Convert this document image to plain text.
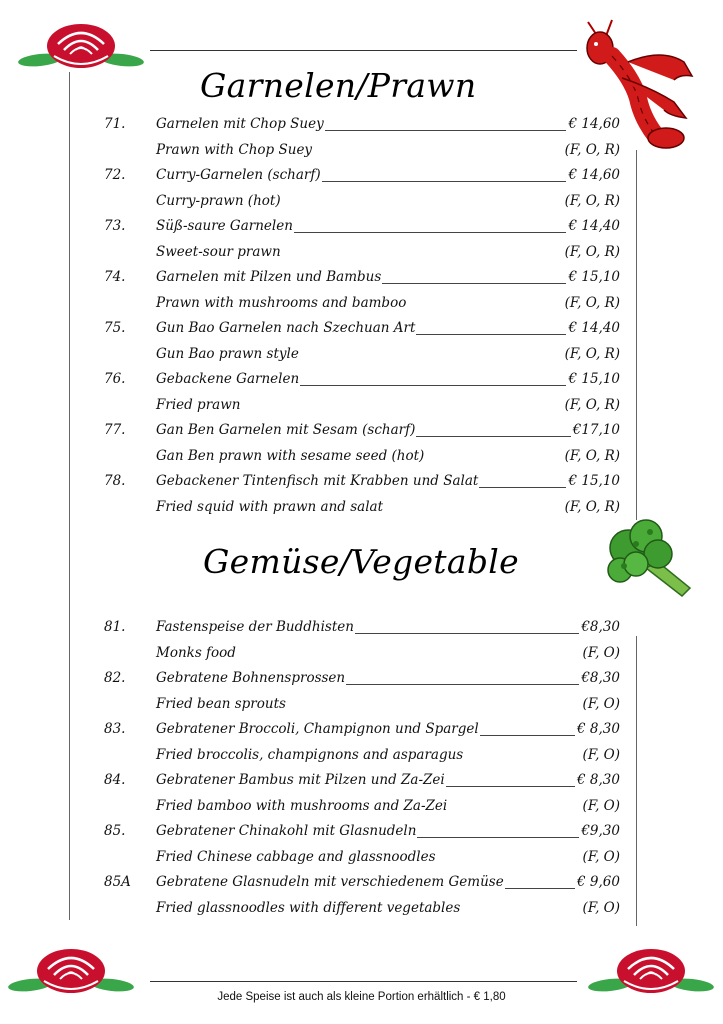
Garnelen/Prawn
Gemüse/Vegetable
71. Garnelen mit Chop Suey	€ 14,60
Prawn with Chop Suey	(F, O, R)
72. Curry-Garnelen (scharf)	€ 14,60
Curry-prawn (hot)	(F, O, R)
73. Süß-saure Garnelen	€ 14,40
Sweet-sour prawn	(F, O, R)
74. Garnelen mit Pilzen und Bambus	€ 15,10
Prawn with mushrooms and bamboo	(F, O, R)
75. Gun Bao Garnelen nach Szechuan Art	€ 14,40
Gun Bao prawn style	(F, O, R)
76. Gebackene Garnelen	€ 15,10
Fried prawn	(F, O, R)
77. Gan Ben Garnelen mit Sesam (scharf)	€17,10
Gan Ben prawn with sesame seed (hot)	(F, O, R)
78. Gebackener Tintenfisch mit Krabben und Salat	€ 15,10
Fried squid with prawn and salat	(F, O, R)
81. Fastenspeise der Buddhisten	€8,30
Monks food	(F, O)
82. Gebratene Bohnensprossen	€8,30
Fried bean sprouts	(F, O)
83. Gebratener Broccoli, Champignon und Spargel	€ 8,30
Fried broccolis, champignons and asparagus	(F, O)
84. Gebratener Bambus mit Pilzen und Za-Zei	€ 8,30
Fried bamboo with mushrooms and Za-Zei	(F, O)
85. Gebratener Chinakohl mit Glasnudeln	€9,30
Fried Chinese cabbage and glassnoodles	(F, O)
85A Gebratene Glasnudeln mit verschiedenem Gemüse	€ 9,60
Fried glassnoodles with different vegetables	(F, O)
Jede Speise ist auch als kleine Portion erhältlich - € 1,80
